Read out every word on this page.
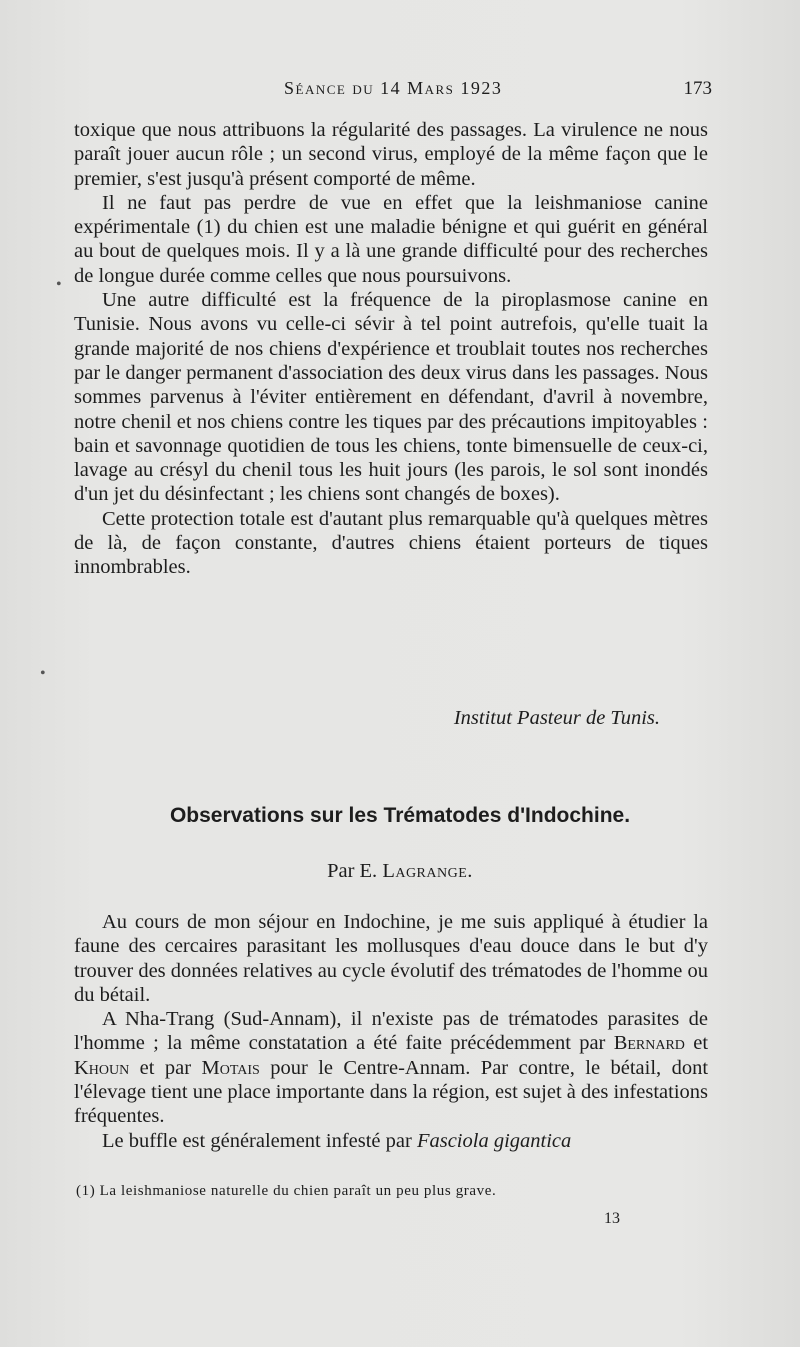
Séance du 14 Mars 1923	173

toxique que nous attribuons la régularité des passages. La virulence ne nous paraît jouer aucun rôle ; un second virus, employé de la même façon que le premier, s'est jusqu'à présent comporté de même.

Il ne faut pas perdre de vue en effet que la leishmaniose canine expérimentale (1) du chien est une maladie bénigne et qui guérit en général au bout de quelques mois. Il y a là une grande difficulté pour des recherches de longue durée comme celles que nous poursuivons.

Une autre difficulté est la fréquence de la piroplasmose canine en Tunisie. Nous avons vu celle-ci sévir à tel point autrefois, qu'elle tuait la grande majorité de nos chiens d'expérience et troublait toutes nos recherches par le danger permanent d'association des deux virus dans les passages. Nous sommes parvenus à l'éviter entièrement en défendant, d'avril à novembre, notre chenil et nos chiens contre les tiques par des précautions impitoyables : bain et savonnage quotidien de tous les chiens, tonte bimensuelle de ceux-ci, lavage au crésyl du chenil tous les huit jours (les parois, le sol sont inondés d'un jet du désinfectant ; les chiens sont changés de boxes).

Cette protection totale est d'autant plus remarquable qu'à quelques mètres de là, de façon constante, d'autres chiens étaient porteurs de tiques innombrables.

Institut Pasteur de Tunis.
Observations sur les Trématodes d'Indochine.
Par E. Lagrange.

Au cours de mon séjour en Indochine, je me suis appliqué à étudier la faune des cercaires parasitant les mollusques d'eau douce dans le but d'y trouver des données relatives au cycle évolutif des trématodes de l'homme ou du bétail.

A Nha-Trang (Sud-Annam), il n'existe pas de trématodes parasites de l'homme ; la même constatation a été faite précédemment par Bernard et Khoun et par Motais pour le Centre-Annam. Par contre, le bétail, dont l'élevage tient une place importante dans la région, est sujet à des infestations fréquentes.

Le buffle est généralement infesté par Fasciola gigantica

(1) La leishmaniose naturelle du chien paraît un peu plus grave.
13
•
•
